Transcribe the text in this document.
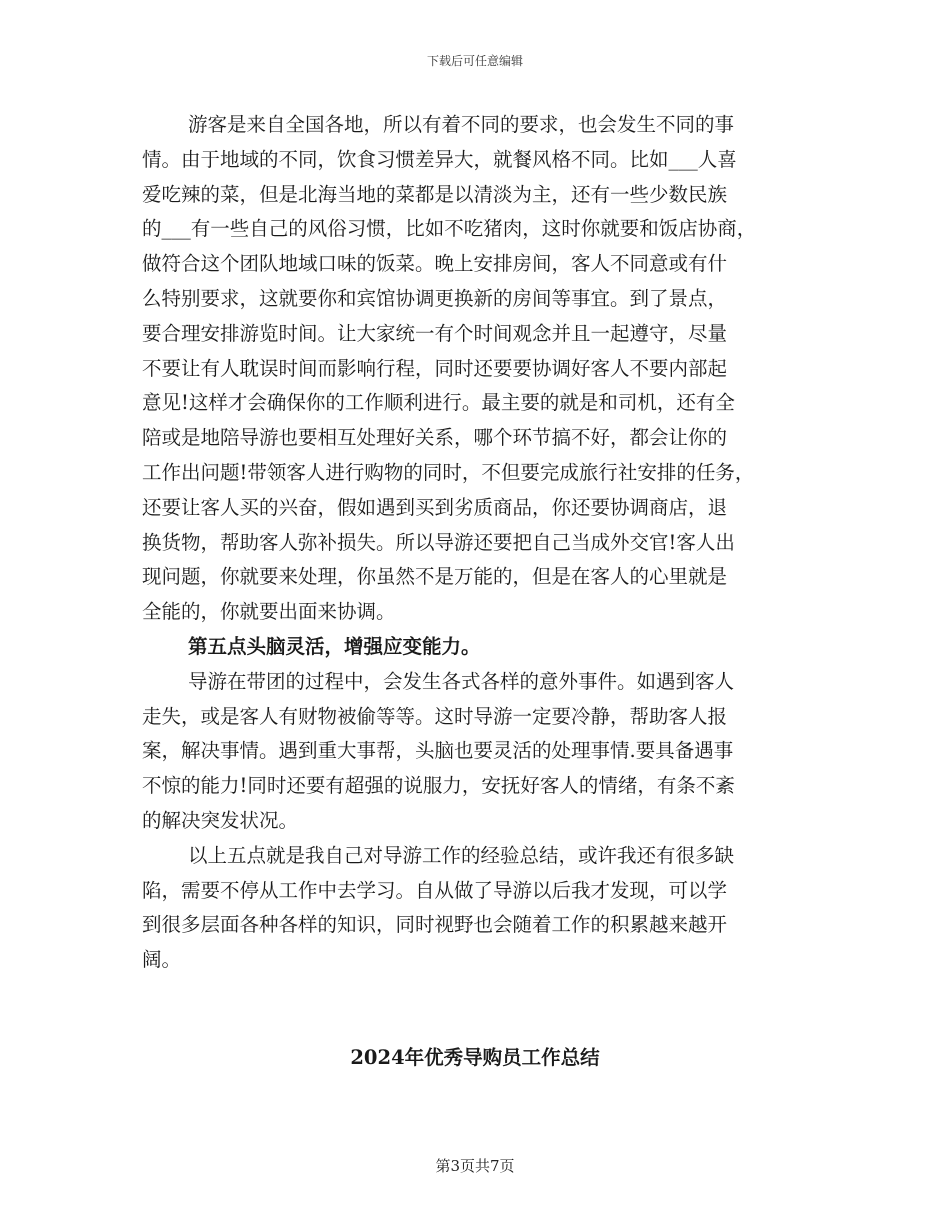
下载后可任意编辑

游客是来自全国各地，所以有着不同的要求，也会发生不同的事
情。由于地域的不同，饮食习惯差异大，就餐风格不同。比如___人喜
爱吃辣的菜，但是北海当地的菜都是以清淡为主，还有一些少数民族
的___有一些自己的风俗习惯，比如不吃猪肉，这时你就要和饭店协商，
做符合这个团队地域口味的饭菜。晚上安排房间，客人不同意或有什
么特别要求，这就要你和宾馆协调更换新的房间等事宜。到了景点，
要合理安排游览时间。让大家统一有个时间观念并且一起遵守，尽量
不要让有人耽误时间而影响行程，同时还要要协调好客人不要内部起
意见!这样才会确保你的工作顺利进行。最主要的就是和司机，还有全
陪或是地陪导游也要相互处理好关系，哪个环节搞不好，都会让你的
工作出问题!带领客人进行购物的同时，不但要完成旅行社安排的任务，
还要让客人买的兴奋，假如遇到买到劣质商品，你还要协调商店，退
换货物，帮助客人弥补损失。所以导游还要把自己当成外交官!客人出
现问题，你就要来处理，你虽然不是万能的，但是在客人的心里就是
全能的，你就要出面来协调。

第五点头脑灵活，增强应变能力。

导游在带团的过程中，会发生各式各样的意外事件。如遇到客人
走失，或是客人有财物被偷等等。这时导游一定要冷静，帮助客人报
案，解决事情。遇到重大事帮，头脑也要灵活的处理事情.要具备遇事
不惊的能力!同时还要有超强的说服力，安抚好客人的情绪，有条不紊
的解决突发状况。

以上五点就是我自己对导游工作的经验总结，或许我还有很多缺
陷，需要不停从工作中去学习。自从做了导游以后我才发现，可以学
到很多层面各种各样的知识，同时视野也会随着工作的积累越来越开
阔。

2024年优秀导购员工作总结
第3页共7页
